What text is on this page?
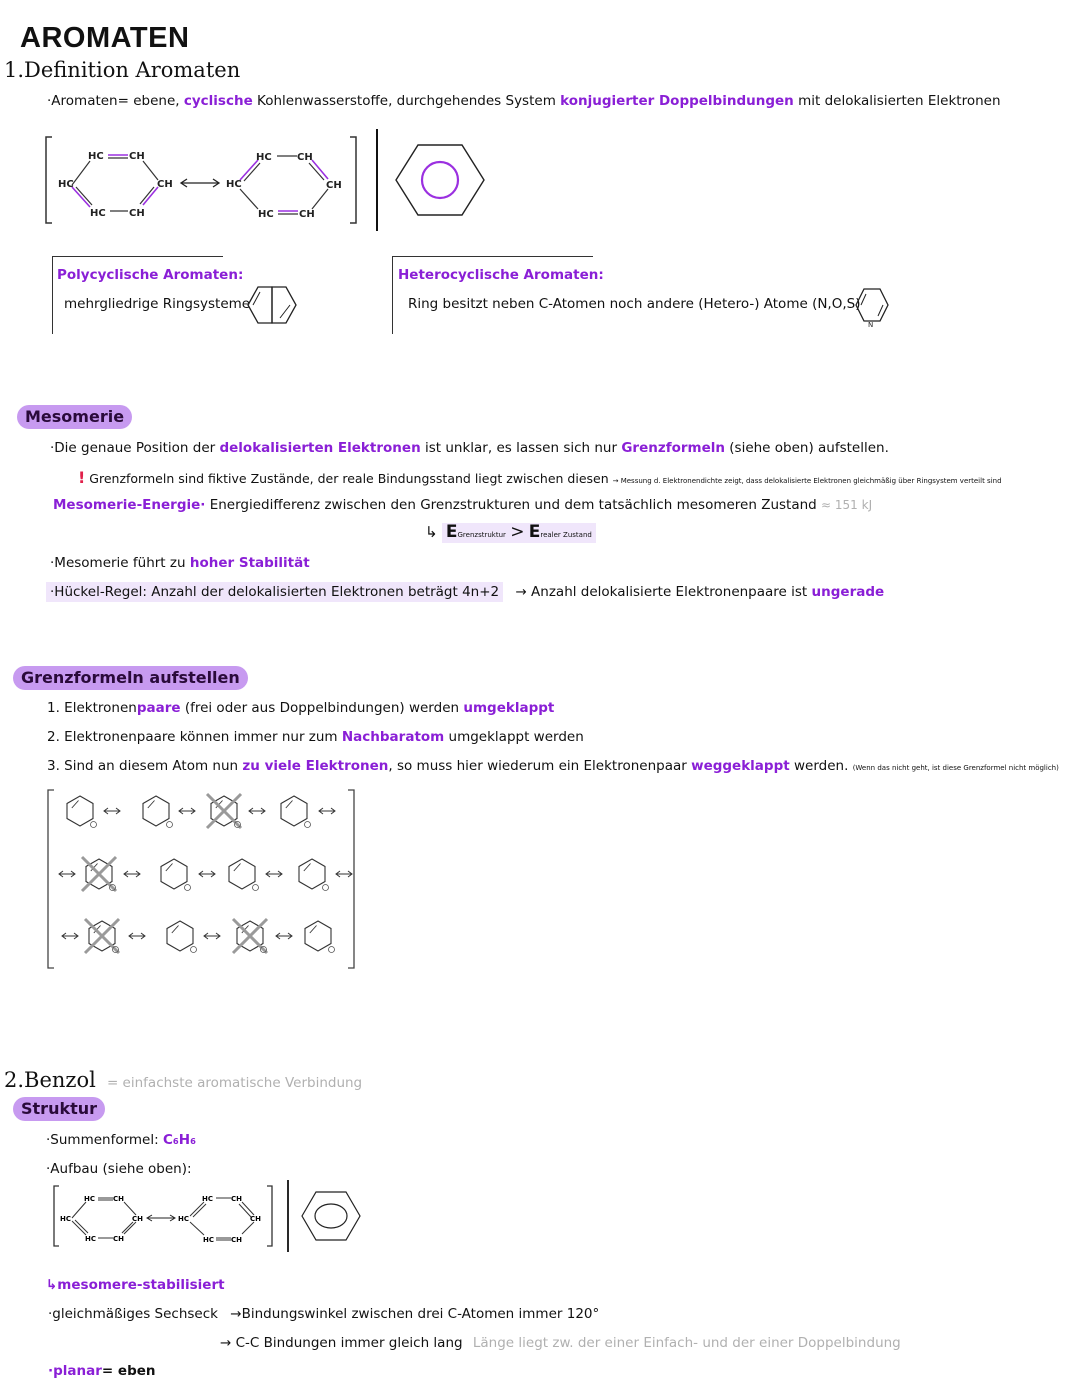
AROMATEN
1.Definition Aromaten
·Aromaten= ebene, cyclische Kohlenwasserstoffe, durchgehendes System konjugierter Doppelbindungen mit delokalisierten Elektronen
HC	CH
HC	CH
HC CH
HC	CH
HC	CH
HC	CH
Polycyclische Aromaten:
mehrgliedrige Ringsysteme
Heterocyclische Aromaten:
Ring besitzt neben C-Atomen noch andere (Hetero-) Atome (N,O,S)
N
Mesomerie
·Die genaue Position der delokalisierten Elektronen ist unklar, es lassen sich nur Grenzformeln (siehe oben) aufstellen.
! Grenzformeln sind fiktive Zustände, der reale Bindungsstand liegt zwischen diesen → Messung d. Elektronendichte zeigt, dass delokalisierte Elektronen gleichmäßig über Ringsystem verteilt sind
Mesomerie-Energie· Energiedifferenz zwischen den Grenzstrukturen und dem tatsächlich mesomeren Zustand ≈ 151 kJ
↳ EGrenzstruktur > Erealer Zustand
·Mesomerie führt zu hoher Stabilität
·Hückel-Regel: Anzahl der delokalisierten Elektronen beträgt 4n+2 → Anzahl delokalisierte Elektronenpaare ist ungerade
Grenzformeln aufstellen
1. Elektronenpaare (frei oder aus Doppelbindungen) werden umgeklappt
2. Elektronenpaare können immer nur zum Nachbaratom umgeklappt werden
3. Sind an diesem Atom nun zu viele Elektronen, so muss hier wiederum ein Elektronenpaar weggeklappt werden. (Wenn das nicht geht, ist diese Grenzformel nicht möglich)
2.Benzol = einfachste aromatische Verbindung
Struktur
·Summenformel: C₆H₆
·Aufbau (siehe oben):
HC	CH
HC	CH
HC CH
HC	CH
HC	CH
HC CH
↳mesomere-stabilisiert
·gleichmäßiges Sechseck →Bindungswinkel zwischen drei C-Atomen immer 120°
→ C-C Bindungen immer gleich lang Länge liegt zw. der einer Einfach- und der einer Doppelbindung
·planar= eben
